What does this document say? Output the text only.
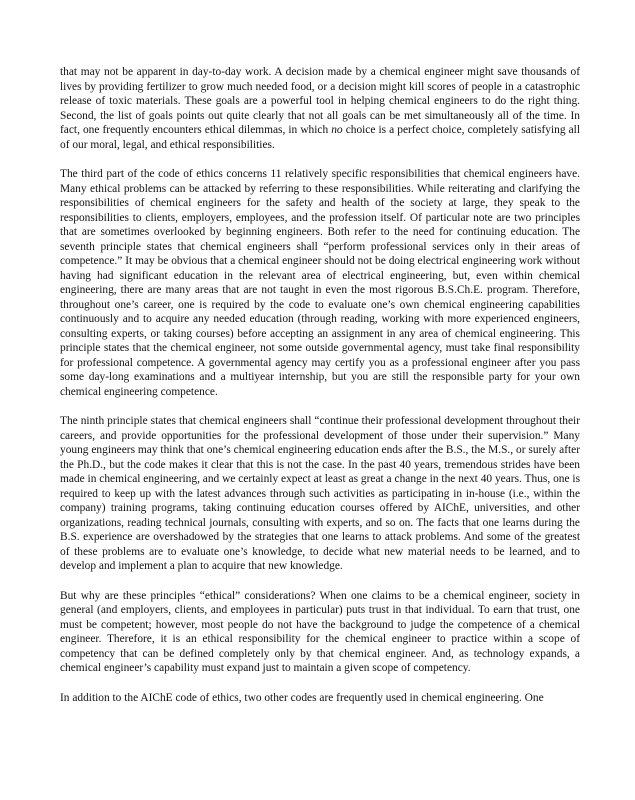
that may not be apparent in day-to-day work. A decision made by a chemical engineer might save thousands of lives by providing fertilizer to grow much needed food, or a decision might kill scores of people in a catastrophic release of toxic materials. These goals are a powerful tool in helping chemical engineers to do the right thing. Second, the list of goals points out quite clearly that not all goals can be met simultaneously all of the time. In fact, one frequently encounters ethical dilemmas, in which no choice is a perfect choice, completely satisfying all of our moral, legal, and ethical responsibilities.

The third part of the code of ethics concerns 11 relatively specific responsibilities that chemical engineers have. Many ethical problems can be attacked by referring to these responsibilities. While reiterating and clarifying the responsibilities of chemical engineers for the safety and health of the society at large, they speak to the responsibilities to clients, employers, employees, and the profession itself. Of particular note are two principles that are sometimes overlooked by beginning engineers. Both refer to the need for continuing education. The seventh principle states that chemical engineers shall “perform professional services only in their areas of competence.” It may be obvious that a chemical engineer should not be doing electrical engineering work without having had significant education in the relevant area of electrical engineering, but, even within chemical engineering, there are many areas that are not taught in even the most rigorous B.S.Ch.E. program. Therefore, throughout one’s career, one is required by the code to evaluate one’s own chemical engineering capabilities continuously and to acquire any needed education (through reading, working with more experienced engineers, consulting experts, or taking courses) before accepting an assignment in any area of chemical engineering. This principle states that the chemical engineer, not some outside governmental agency, must take final responsibility for professional competence. A governmental agency may certify you as a professional engineer after you pass some day-long examinations and a multiyear internship, but you are still the responsible party for your own chemical engineering competence.

The ninth principle states that chemical engineers shall “continue their professional development throughout their careers, and provide opportunities for the professional development of those under their supervision.” Many young engineers may think that one’s chemical engineering education ends after the B.S., the M.S., or surely after the Ph.D., but the code makes it clear that this is not the case. In the past 40 years, tremendous strides have been made in chemical engineering, and we certainly expect at least as great a change in the next 40 years. Thus, one is required to keep up with the latest advances through such activities as participating in in-house (i.e., within the company) training programs, taking continuing education courses offered by AIChE, universities, and other organizations, reading technical journals, consulting with experts, and so on. The facts that one learns during the B.S. experience are overshadowed by the strategies that one learns to attack problems. And some of the greatest of these problems are to evaluate one’s knowledge, to decide what new material needs to be learned, and to develop and implement a plan to acquire that new knowledge.

But why are these principles “ethical” considerations? When one claims to be a chemical engineer, society in general (and employers, clients, and employees in particular) puts trust in that individual. To earn that trust, one must be competent; however, most people do not have the background to judge the competence of a chemical engineer. Therefore, it is an ethical responsibility for the chemical engineer to practice within a scope of competency that can be defined completely only by that chemical engineer. And, as technology expands, a chemical engineer’s capability must expand just to maintain a given scope of competency.

In addition to the AIChE code of ethics, two other codes are frequently used in chemical engineering. One
